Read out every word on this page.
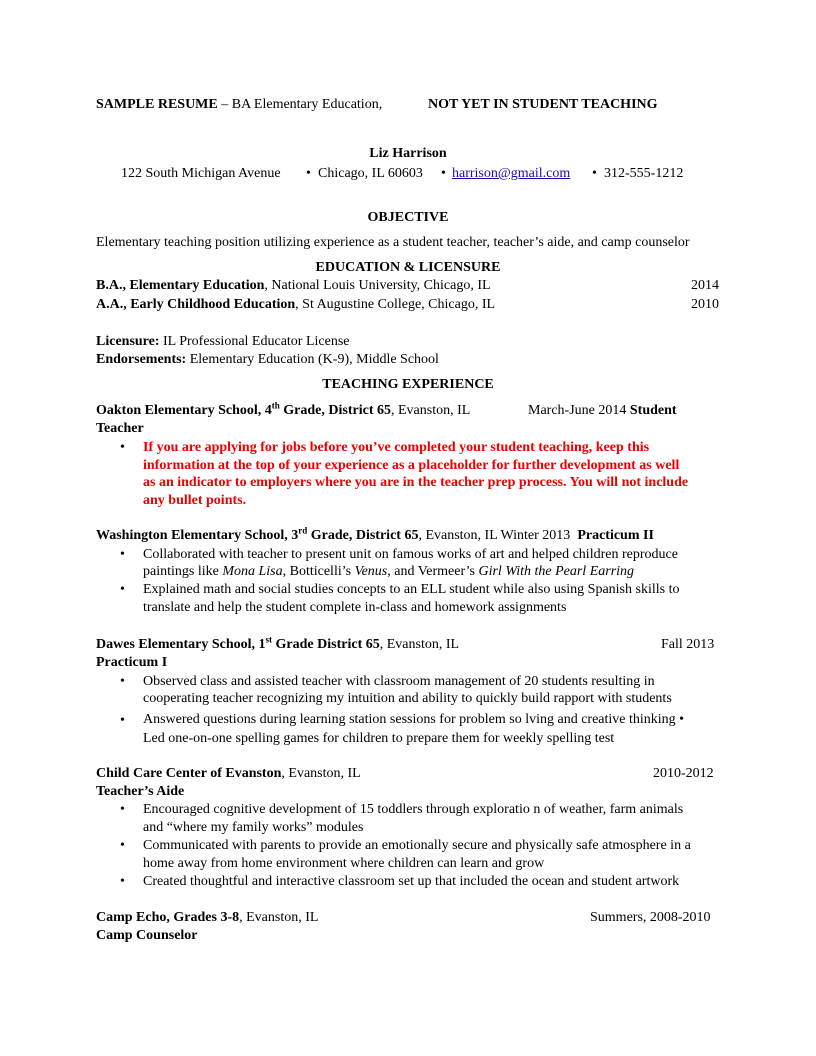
SAMPLE RESUME – BA Elementary Education,	NOT YET IN STUDENT TEACHING
Liz Harrison
122 South Michigan Avenue • Chicago, IL 60603 • harrison@gmail.com • 312-555-1212
OBJECTIVE
Elementary teaching position utilizing experience as a student teacher, teacher’s aide, and camp counselor
EDUCATION & LICENSURE
B.A., Elementary Education, National Louis University, Chicago, IL	2014
A.A., Early Childhood Education, St Augustine College, Chicago, IL	2010
Licensure: IL Professional Educator License
Endorsements: Elementary Education (K-9), Middle School
TEACHING EXPERIENCE
Oakton Elementary School, 4th Grade, District 65, Evanston, IL	March-June 2014 Student
Teacher
• If you are applying for jobs before you’ve completed your student teaching, keep this
information at the top of your experience as a placeholder for further development as well
as an indicator to employers where you are in the teacher prep process. You will not include
any bullet points.
Washington Elementary School, 3rd Grade, District 65, Evanston, IL Winter 2013 Practicum II
• Collaborated with teacher to present unit on famous works of art and helped children reproduce
paintings like Mona Lisa, Botticelli’s Venus, and Vermeer’s Girl With the Pearl Earring
• Explained math and social studies concepts to an ELL student while also using Spanish skills to
translate and help the student complete in-class and homework assignments
Dawes Elementary School, 1st Grade District 65, Evanston, IL	Fall 2013
Practicum I
• Observed class and assisted teacher with classroom management of 20 students resulting in
cooperating teacher recognizing my intuition and ability to quickly build rapport with students
• Answered questions during learning station sessions for problem so lving and creative thinking •
Led one-on-one spelling games for children to prepare them for weekly spelling test
Child Care Center of Evanston, Evanston, IL	2010-2012
Teacher’s Aide
• Encouraged cognitive development of 15 toddlers through exploratio n of weather, farm animals
and “where my family works” modules
• Communicated with parents to provide an emotionally secure and physically safe atmosphere in a
home away from home environment where children can learn and grow
• Created thoughtful and interactive classroom set up that included the ocean and student artwork
Camp Echo, Grades 3-8, Evanston, IL	Summers, 2008-2010
Camp Counselor
